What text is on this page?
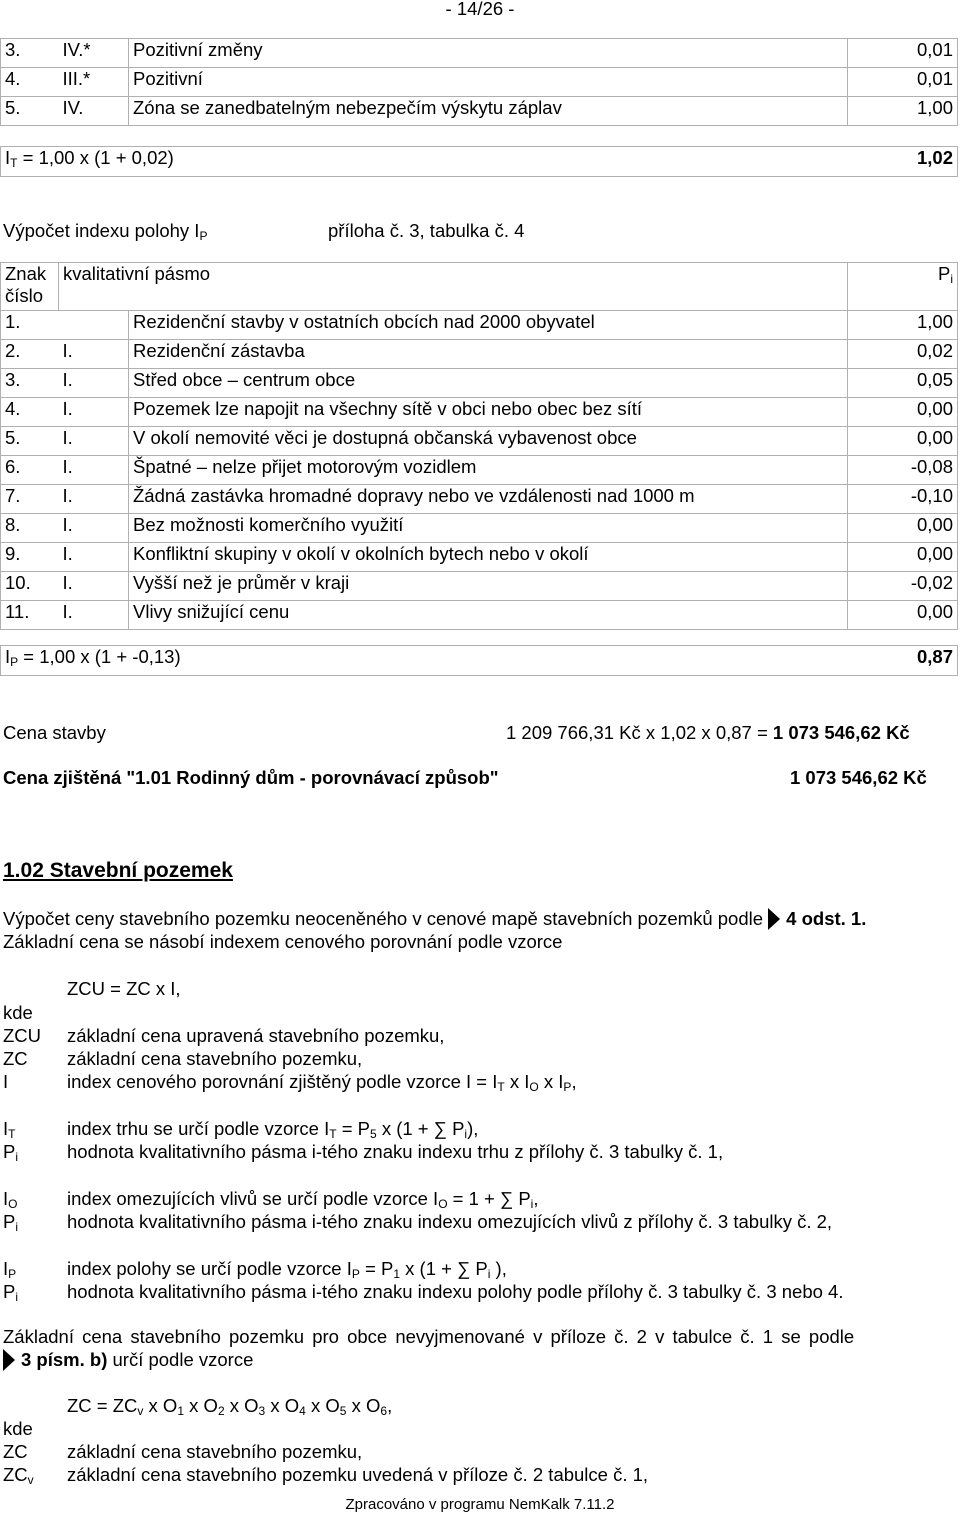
- 14/26 -
3.	IV.*	Pozitivní změny	0,01
4.	III.*	Pozitivní	0,01
5.	IV.	Zóna se zanedbatelným nebezpečím výskytu záplav	1,00
IT = 1,00 x (1 + 0,02)	1,02
Výpočet indexu polohy IP	příloha č. 3, tabulka č. 4
Znak
číslo	kvalitativní pásmo		Pi
1.		Rezidenční stavby v ostatních obcích nad 2000 obyvatel	1,00
2.	I.	Rezidenční zástavba	0,02
3.	I.	Střed obce – centrum obce	0,05
4.	I.	Pozemek lze napojit na všechny sítě v obci nebo obec bez sítí	0,00
5.	I.	V okolí nemovité věci je dostupná občanská vybavenost obce	0,00
6.	I.	Špatné – nelze přijet motorovým vozidlem	-0,08
7.	I.	Žádná zastávka hromadné dopravy nebo ve vzdálenosti nad 1000 m	-0,10
8.	I.	Bez možnosti komerčního využití	0,00
9.	I.	Konfliktní skupiny v okolí v okolních bytech nebo v okolí	0,00
10.	I.	Vyšší než je průměr v kraji	-0,02
11.	I.	Vlivy snižující cenu	0,00
IP = 1,00 x (1 + -0,13)	0,87
Cena stavby	1 209 766,31 Kč x 1,02 x 0,87 = 1 073 546,62 Kč
Cena zjištěná "1.01 Rodinný dům - porovnávací způsob"	1 073 546,62 Kč
1.02 Stavební pozemek
Výpočet ceny stavebního pozemku neoceněného v cenové mapě stavebních pozemků podle 4 odst. 1.
Základní cena se násobí indexem cenového porovnání podle vzorce
ZCU = ZC x I,
kde
ZCU základní cena upravená stavebního pozemku,
ZC základní cena stavebního pozemku,
I	index cenového porovnání zjištěný podle vzorce I = IT x IO x IP,
IT	index trhu se určí podle vzorce IT = P5 x (1 + ∑ Pi),
Pi	hodnota kvalitativního pásma i-tého znaku indexu trhu z přílohy č. 3 tabulky č. 1,
IO	index omezujících vlivů se určí podle vzorce IO = 1 + ∑ Pi,
Pi	hodnota kvalitativního pásma i-tého znaku indexu omezujících vlivů z přílohy č. 3 tabulky č. 2,
IP	index polohy se určí podle vzorce IP = P1 x (1 + ∑ Pi ),
Pi	hodnota kvalitativního pásma i-tého znaku indexu polohy podle přílohy č. 3 tabulky č. 3 nebo 4.
Základní cena stavebního pozemku pro obce nevyjmenované v příloze č. 2 v tabulce č. 1 se podle
3 písm. b) určí podle vzorce
ZC = ZCv x O1 x O2 x O3 x O4 x O5 x O6,
kde
ZC základní cena stavebního pozemku,
ZCv základní cena stavebního pozemku uvedená v příloze č. 2 tabulce č. 1,
Zpracováno v programu NemKalk 7.11.2
